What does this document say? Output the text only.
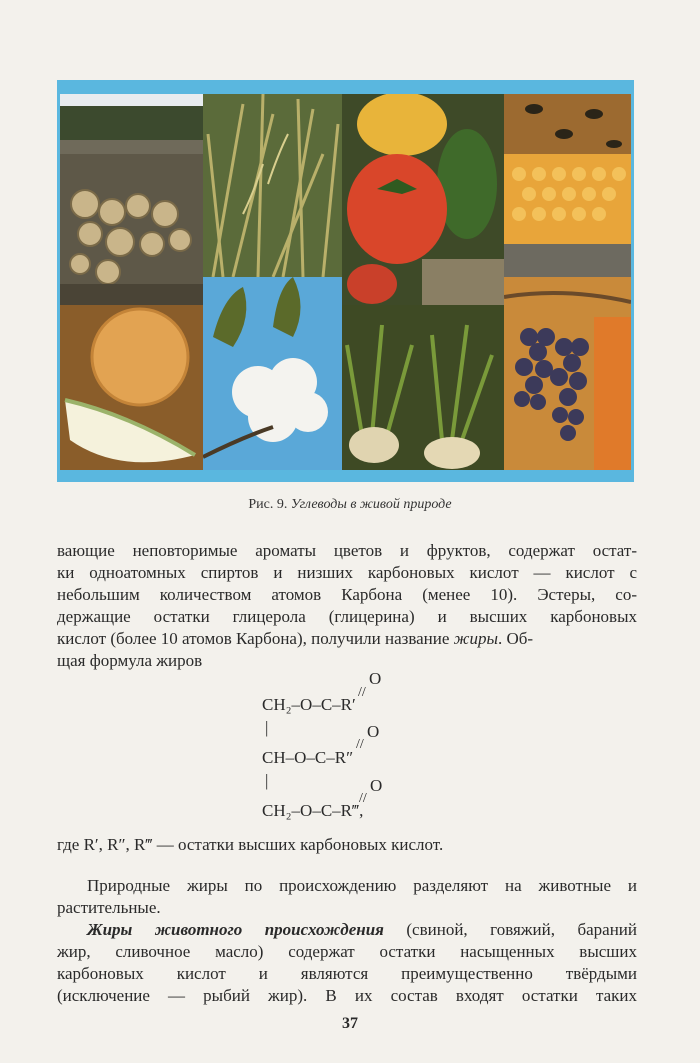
Рис. 9. Углеводы в живой природе
вающие неповторимые ароматы цветов и фруктов, содержат остат-
ки одноатомных спиртов и низших карбоновых кислот — кислот с
небольшим количеством атомов Карбона (менее 10). Эстеры, со-
держащие остатки глицерола (глицерина) и высших карбоновых
кислот (более 10 атомов Карбона), получили название жиры. Об-
щая формула жиров
O
//
CH₂–O–C–R′
|	O
//
CH–O–C–R″
|	O
//
CH₂–O–C–R‴,
где R′, R″, R‴ — остатки высших карбоновых кислот.
Природные жиры по происхождению разделяют на животные и
растительные.
Жиры животного происхождения (свиной, говяжий, бараний
жир, сливочное масло) содержат остатки насыщенных высших
карбоновых кислот и являются преимущественно твёрдыми
(исключение — рыбий жир). В их состав входят остатки таких
37
